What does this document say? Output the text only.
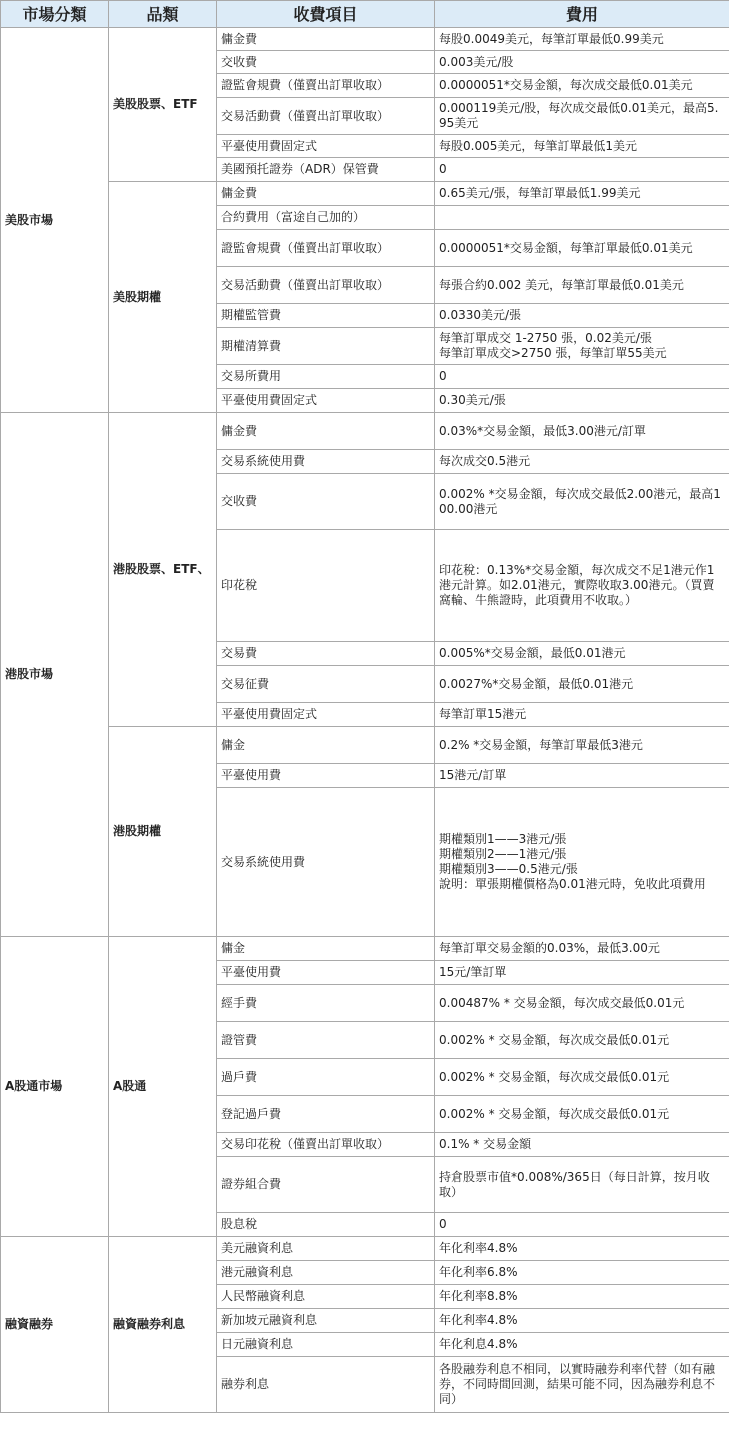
市場分類	品類	收費項目	費用
美股市場	美股股票、ETF	傭金費	每股0.0049美元，每筆訂單最低0.99美元
		交收費	0.003美元/股
		證監會規費（僅賣出訂單收取）	0.0000051*交易金額，每次成交最低0.01美元
		交易活動費（僅賣出訂單收取）	0.000119美元/股，每次成交最低0.01美元，最高5.95美元
		平臺使用費固定式	每股0.005美元，每筆訂單最低1美元
		美國預托證券（ADR）保管費	0
	美股期權	傭金費	0.65美元/張，每筆訂單最低1.99美元
		合約費用（富途自己加的）	
		證監會規費（僅賣出訂單收取）	0.0000051*交易金額，每筆訂單最低0.01美元
		交易活動費（僅賣出訂單收取）	每張合約0.002 美元，每筆訂單最低0.01美元
		期權監管費	0.0330美元/張
		期權清算費	每筆訂單成交 1-2750 張，0.02美元/張
每筆訂單成交>2750 張，每筆訂單55美元
		交易所費用	0
		平臺使用費固定式	0.30美元/張
港股市場	港股股票、ETF、	傭金費	0.03%*交易金額，最低3.00港元/訂單
		交易系統使用費	每次成交0.5港元
		交收費	0.002% *交易金額，每次成交最低2.00港元，最高100.00港元
		印花稅	印花稅：0.13%*交易金額，每次成交不足1港元作1港元計算。如2.01港元，實際收取3.00港元。（買賣窩輪、牛熊證時，此項費用不收取。）
		交易費	0.005%*交易金額，最低0.01港元
		交易征費	0.0027%*交易金額，最低0.01港元
		平臺使用費固定式	每筆訂單15港元
	港股期權	傭金	0.2% *交易金額，每筆訂單最低3港元
		平臺使用費	15港元/訂單
		交易系統使用費	期權類別1——3港元/張
期權類別2——1港元/張
期權類別3——0.5港元/張
說明：單張期權價格為0.01港元時，免收此項費用
A股通市場	A股通	傭金	每筆訂單交易金額的0.03%，最低3.00元
		平臺使用費	15元/筆訂單
		經手費	0.00487% * 交易金額，每次成交最低0.01元
		證管費	0.002% * 交易金額，每次成交最低0.01元
		過戶費	0.002% * 交易金額，每次成交最低0.01元
		登記過戶費	0.002% * 交易金額，每次成交最低0.01元
		交易印花稅（僅賣出訂單收取）	0.1% * 交易金額
		證券組合費	持倉股票市值*0.008%/365日（每日計算，按月收取）
		股息稅	0
融資融券	融資融券利息	美元融資利息	年化利率4.8%
		港元融資利息	年化利率6.8%
		人民幣融資利息	年化利率8.8%
		新加坡元融資利息	年化利率4.8%
		日元融資利息	年化利息4.8%
		融券利息	各股融券利息不相同，以實時融券利率代替（如有融券，不同時間回測，結果可能不同，因為融券利息不同）
